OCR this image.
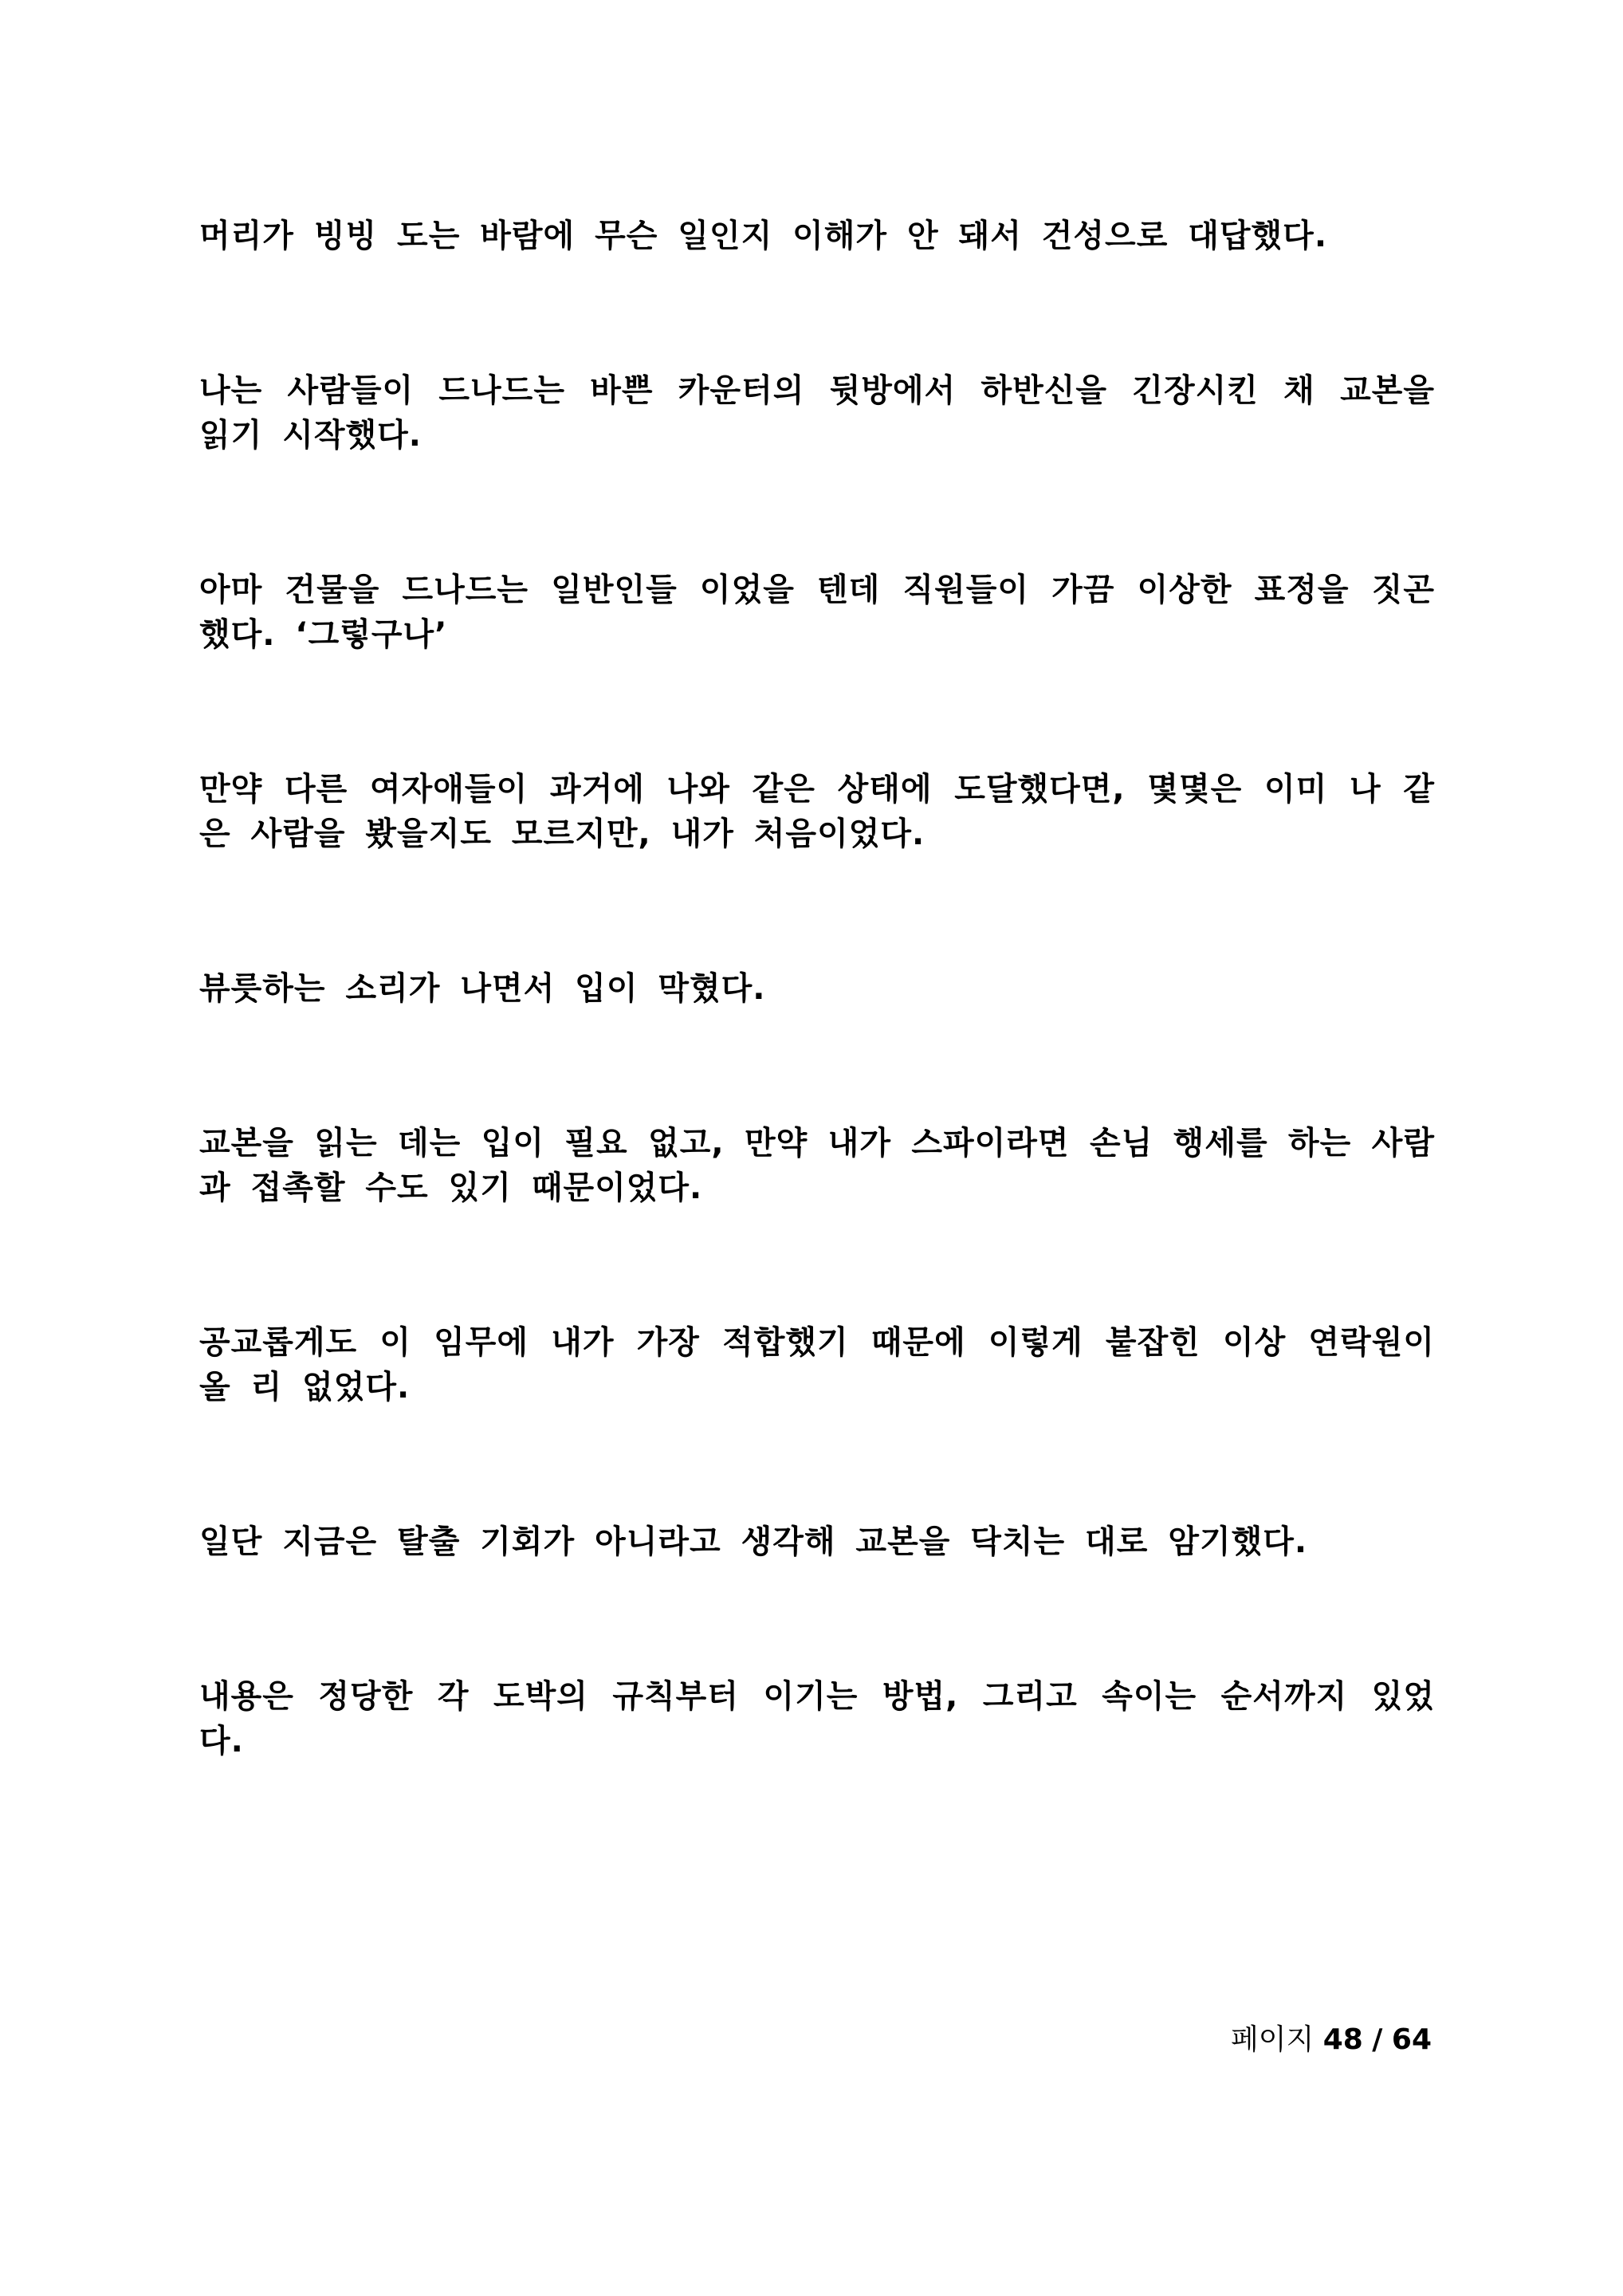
머리가 빙빙 도는 바람에 무슨 일인지 이해가 안 돼서 건성으로 대답했다.

나는 사람들이 드나드는 바쁜 카운터의 뒷방에서 하반신을 긴장시킨 채 교본을 읽기 시작했다.

아마 건물을 드나드는 일반인들 이었을 텐데 직원들이 가끔 이상한 표정을 짓곤 했다. ‘그렇구나’

만약 다른 여자애들이 과거에 나와 같은 상태에 도달했다면, 몇몇은 이미 나 같은 사람을 봤을지도 모르지만, 내가 처음이었다.

뷰릇하는 소리가 나면서 입이 막혔다.

교본을 읽는 데는 입이 필요 없고, 만약 내가 스파이라면 손님 행세를 하는 사람과 접촉할 수도 있기 때문이었다.

공교롭게도 이 임무에 내가 가장 적합했기 때문에 이렇게 붙잡힌 이상 연락원이 올 리 없었다.

일단 지금은 탈출 기회가 아니라고 생각해 교본을 닥치는 대로 암기했다.

내용은 정당한 각 도박의 규칙부터 이기는 방법, 그리고 속이는 순서까지 있었다.

페이지 48 / 64
